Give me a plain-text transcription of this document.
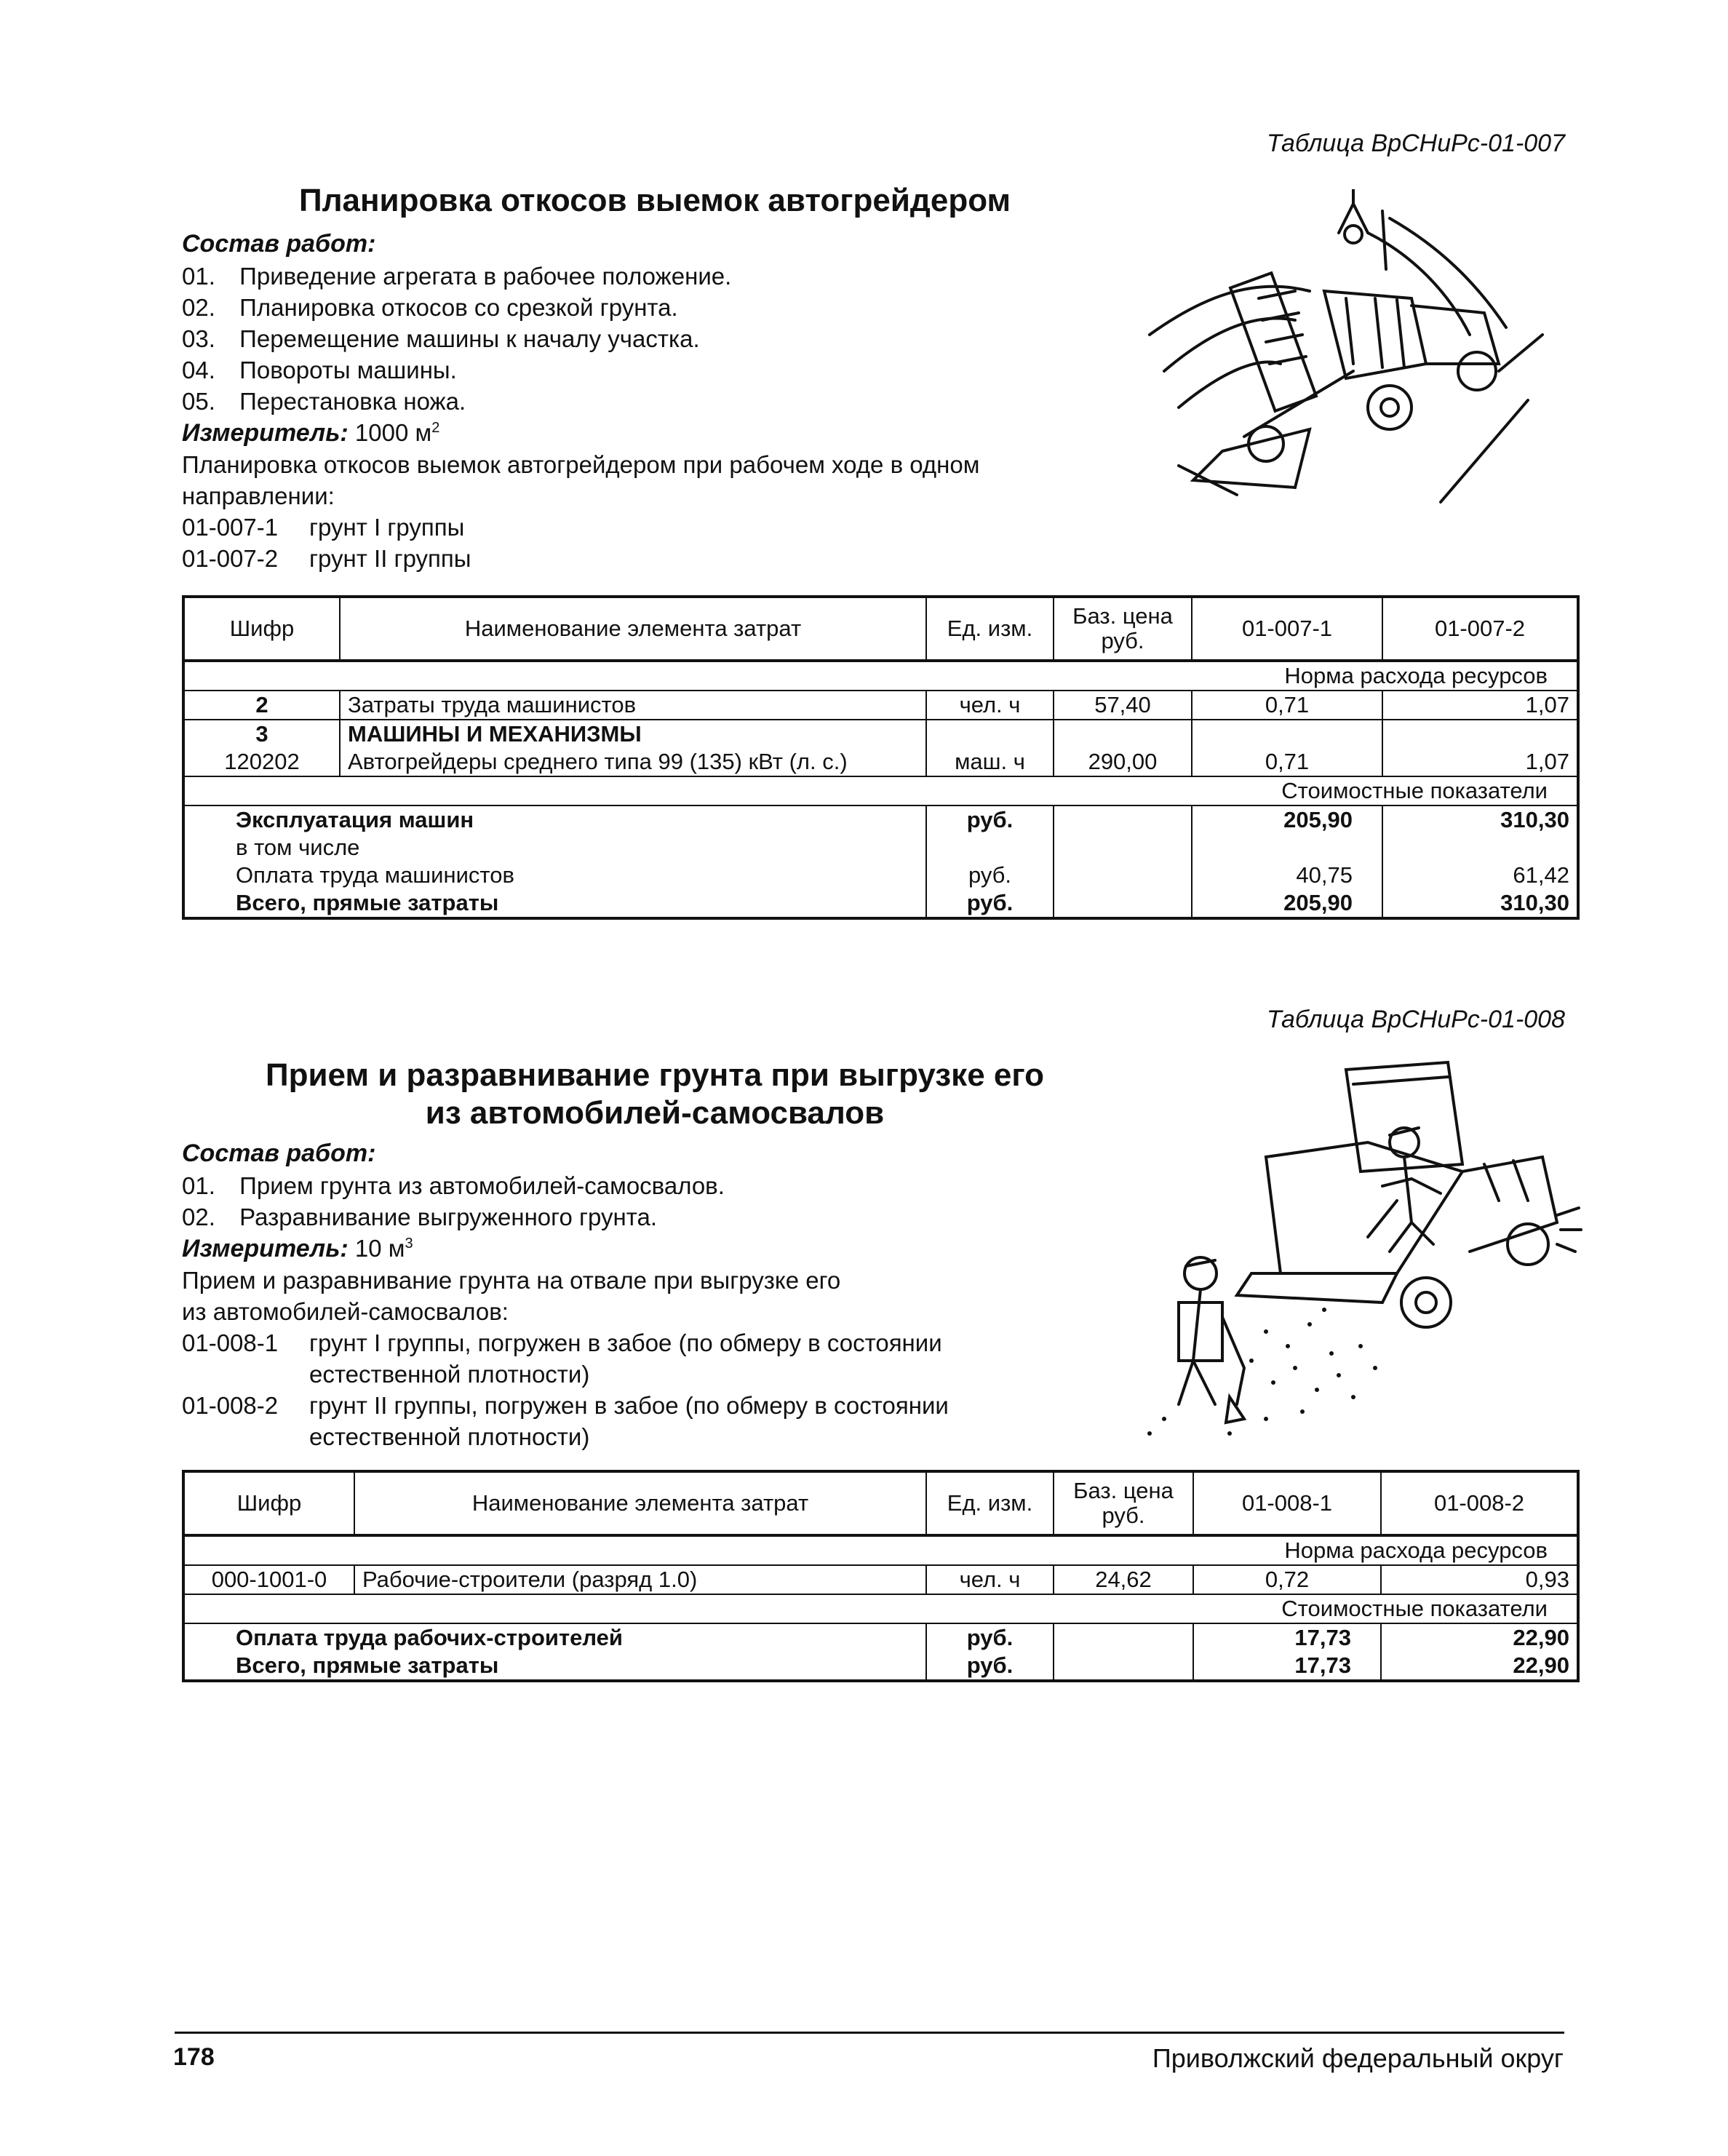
Таблица ВрСНиРс-01-007
Планировка откосов выемок автогрейдером
Состав работ:
01. Приведение агрегата в рабочее положение.
02. Планировка откосов со срезкой грунта.
03. Перемещение машины к началу участка.
04. Повороты машины.
05. Перестановка ножа.
Измеритель: 1000 $м^2$
Планировка откосов выемок автогрейдером при рабочем ходе в одном
направлении:
01-007-1 грунт I группы
01-007-2 грунт II группы
Шифр	Наименование элемента затрат	Ед. изм.	Баз. цена руб.	01-007-1	01-007-2
Норма расхода ресурсов					
2	Затраты труда машинистов	чел. ч	57,40	0,71	1,07
3	МАШИНЫ И МЕХАНИЗМЫ				
120202	Автогрейдеры среднего типа 99 (135) кВт (л. с.)	маш. ч	290,00	0,71	1,07
Стоимостные показатели					
Эксплуатация машин		руб.		205,90	310,30
в том числе					
Оплата труда машинистов		руб.		40,75	61,42
Всего, прямые затраты		руб.		205,90	310,30
Таблица ВрСНиРс-01-008
Прием и разравнивание грунта при выгрузке его
из автомобилей-самосвалов
Состав работ:
01. Прием грунта из автомобилей-самосвалов.
02. Разравнивание выгруженного грунта.
Измеритель: 10 $м^3$
Прием и разравнивание грунта на отвале при выгрузке его
из автомобилей-самосвалов:
01-008-1 грунт I группы, погружен в забое (по обмеру в состоянии
естественной плотности)
01-008-2 грунт II группы, погружен в забое (по обмеру в состоянии
естественной плотности)
Шифр	Наименование элемента затрат	Ед. изм.	Баз. цена руб.	01-008-1	01-008-2
Норма расхода ресурсов					
000-1001-0	Рабочие-строители (разряд 1.0)	чел. ч	24,62	0,72	0,93
Стоимостные показатели					
Оплата труда рабочих-строителей		руб.		17,73	22,90
Всего, прямые затраты		руб.		17,73	22,90
178	Приволжский федеральный округ
